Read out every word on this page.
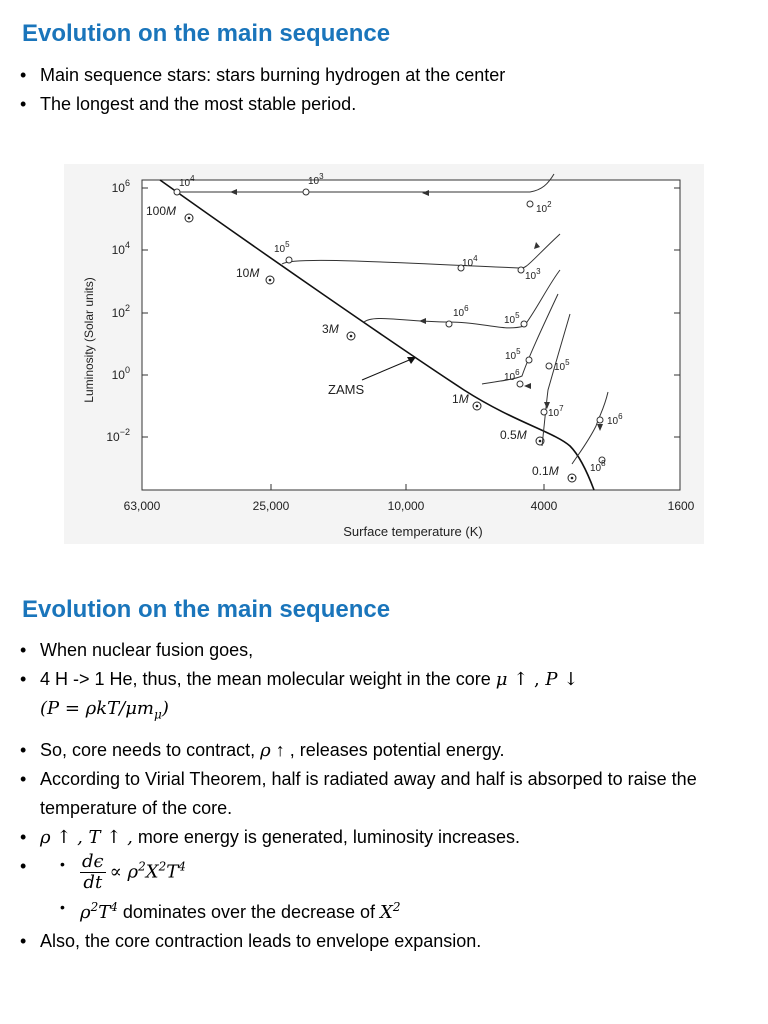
Evolution on the main sequence
• Main sequence stars: stars burning hydrogen at the center
• The longest and the most stable period.
$10^6$
$10^4$
$10^2$
$10^0$
$10^{-2}$
Luminosity (Solar units)
63,000	25,000	10,000	4000	1600
Surface temperature (K)
ZAMS
100M
10M
3M
1M
0.5M
0.1M
$10^4$	$10^3$
$10^2$
$10^5$
$10^4$
$10^3$
$10^6$
$10^5$
$10^5$
$10^6$	$10^5$
$10^7$
$10^6$
$10^8$
Evolution on the main sequence
• When nuclear fusion goes,
• 4 H -> 1 He, thus, the mean molecular weight in the core μ ↑ , P ↓
(P = ρkT/$\mu m_\mu$)
• So, core needs to contract, ρ ↑ , releases potential energy.
• According to Virial Theorem, half is radiated away and half is absorped to raise the temperature of the core.
• ρ ↑ , T ↑ , more energy is generated, luminosity increases.
• • $\frac{d\epsilon}{dt} \propto \rho^2X^2T^4$
• $\rho^2T^4$ dominates over the decrease of $X^2$
• Also, the core contraction leads to envelope expansion.
